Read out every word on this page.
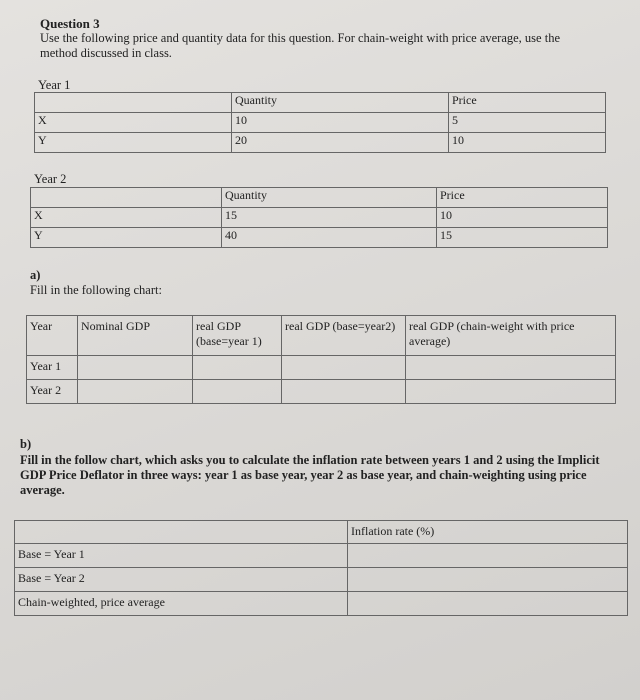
Question 3
Use the following price and quantity data for this question. For chain-weight with price average, use the method discussed in class.
Year 1
	Quantity	Price
X	10	5
Y	20	10
Year 2
	Quantity	Price
X	15	10
Y	40	15
a)
Fill in the following chart:
Year	Nominal GDP	real GDP (base=year 1)	real GDP (base=year2)	real GDP (chain-weight with price average)
Year 1				
Year 2				
b)
Fill in the follow chart, which asks you to calculate the inflation rate between years 1 and 2 using the Implicit GDP Price Deflator in three ways: year 1 as base year, year 2 as base year, and chain-weighting using price average.
	Inflation rate (%)
Base = Year 1	
Base = Year 2	
Chain-weighted, price average	
